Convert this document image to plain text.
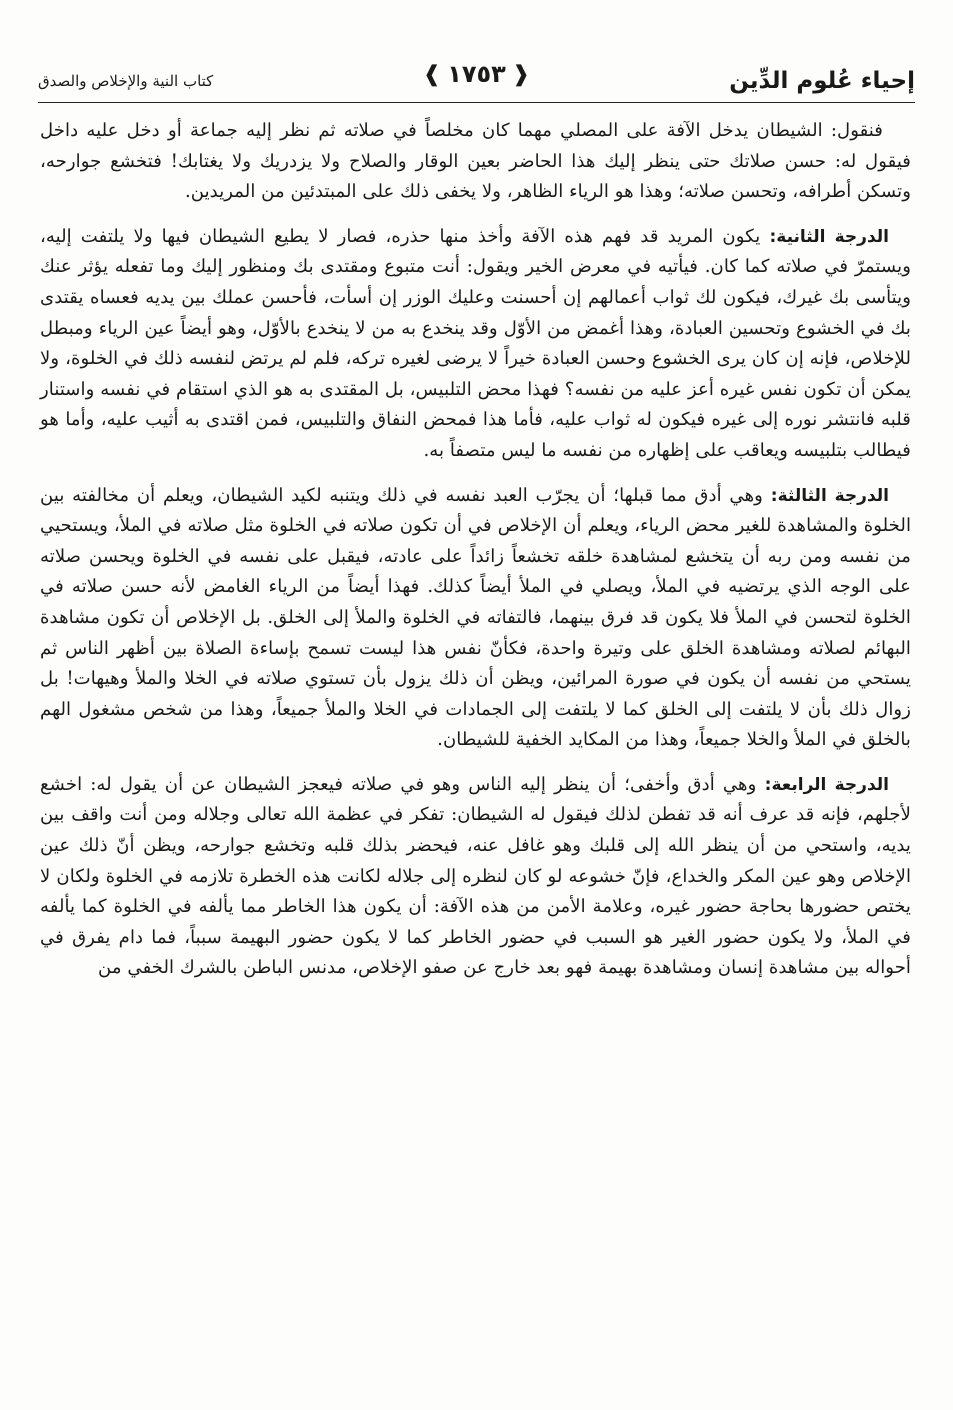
إحياء عُلوم الدِّين
كتاب النية والإخلاص والصدق	❰
١٧٥٣
❱

فنقول: الشيطان يدخل الآفة على المصلي مهما كان مخلصاً في صلاته ثم نظر إليه جماعة أو دخل عليه داخل فيقول له: حسن صلاتك حتى ينظر إليك هذا الحاضر بعين الوقار والصلاح ولا يزدريك ولا يغتابك! فتخشع جوارحه، وتسكن أطرافه، وتحسن صلاته؛ وهذا هو الرياء الظاهر، ولا يخفى ذلك على المبتدئين من المريدين.

الدرجة الثانية: يكون المريد قد فهم هذه الآفة وأخذ منها حذره، فصار لا يطيع الشيطان فيها ولا يلتفت إليه، ويستمرّ في صلاته كما كان. فيأتيه في معرض الخير ويقول: أنت متبوع ومقتدى بك ومنظور إليك وما تفعله يؤثر عنك ويتأسى بك غيرك، فيكون لك ثواب أعمالهم إن أحسنت وعليك الوزر إن أسأت، فأحسن عملك بين يديه فعساه يقتدى بك في الخشوع وتحسين العبادة، وهذا أغمض من الأوّل وقد ينخدع به من لا ينخدع بالأوّل، وهو أيضاً عين الرياء ومبطل للإخلاص، فإنه إن كان يرى الخشوع وحسن العبادة خيراً لا يرضى لغيره تركه، فلم لم يرتض لنفسه ذلك في الخلوة، ولا يمكن أن تكون نفس غيره أعز عليه من نفسه؟ فهذا محض التلبيس، بل المقتدى به هو الذي استقام في نفسه واستنار قلبه فانتشر نوره إلى غيره فيكون له ثواب عليه، فأما هذا فمحض النفاق والتلبيس، فمن اقتدى به أثيب عليه، وأما هو فيطالب بتلبيسه ويعاقب على إظهاره من نفسه ما ليس متصفاً به.

الدرجة الثالثة: وهي أدق مما قبلها؛ أن يجرّب العبد نفسه في ذلك ويتنبه لكيد الشيطان، ويعلم أن مخالفته بين الخلوة والمشاهدة للغير محض الرياء، ويعلم أن الإخلاص في أن تكون صلاته في الخلوة مثل صلاته في الملأ، ويستحيي من نفسه ومن ربه أن يتخشع لمشاهدة خلقه تخشعاً زائداً على عادته، فيقبل على نفسه في الخلوة ويحسن صلاته على الوجه الذي يرتضيه في الملأ، ويصلي في الملأ أيضاً كذلك. فهذا أيضاً من الرياء الغامض لأنه حسن صلاته في الخلوة لتحسن في الملأ فلا يكون قد فرق بينهما، فالتفاته في الخلوة والملأ إلى الخلق. بل الإخلاص أن تكون مشاهدة البهائم لصلاته ومشاهدة الخلق على وتيرة واحدة، فكأنّ نفس هذا ليست تسمح بإساءة الصلاة بين أظهر الناس ثم يستحي من نفسه أن يكون في صورة المرائين، ويظن أن ذلك يزول بأن تستوي صلاته في الخلا والملأ وهيهات! بل زوال ذلك بأن لا يلتفت إلى الخلق كما لا يلتفت إلى الجمادات في الخلا والملأ جميعاً، وهذا من شخص مشغول الهم بالخلق في الملأ والخلا جميعاً، وهذا من المكايد الخفية للشيطان.

الدرجة الرابعة: وهي أدق وأخفى؛ أن ينظر إليه الناس وهو في صلاته فيعجز الشيطان عن أن يقول له: اخشع لأجلهم، فإنه قد عرف أنه قد تفطن لذلك فيقول له الشيطان: تفكر في عظمة الله تعالى وجلاله ومن أنت واقف بين يديه، واستحي من أن ينظر الله إلى قلبك وهو غافل عنه، فيحضر بذلك قلبه وتخشع جوارحه، ويظن أنّ ذلك عين الإخلاص وهو عين المكر والخداع، فإنّ خشوعه لو كان لنظره إلى جلاله لكانت هذه الخطرة تلازمه في الخلوة ولكان لا يختص حضورها بحاجة حضور غيره، وعلامة الأمن من هذه الآفة: أن يكون هذا الخاطر مما يألفه في الخلوة كما يألفه في الملأ، ولا يكون حضور الغير هو السبب في حضور الخاطر كما لا يكون حضور البهيمة سبباً، فما دام يفرق في أحواله بين مشاهدة إنسان ومشاهدة بهيمة فهو بعد خارج عن صفو الإخلاص، مدنس الباطن بالشرك الخفي من
